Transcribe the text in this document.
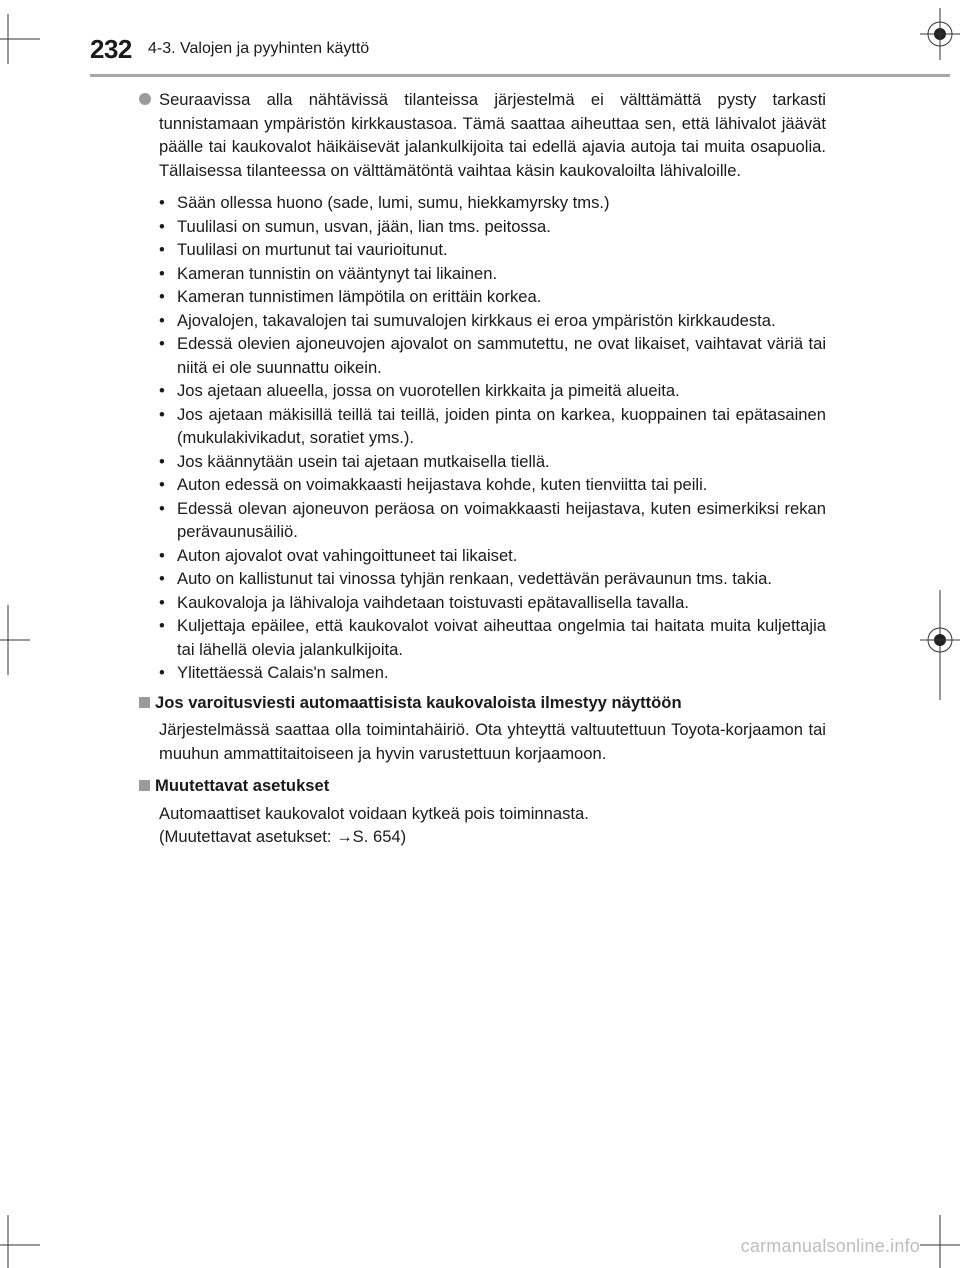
232 4-3. Valojen ja pyyhinten käyttö

Seuraavissa alla nähtävissä tilanteissa järjestelmä ei välttämättä pysty tarkasti tunnistamaan ympäristön kirkkaustasoa. Tämä saattaa aiheuttaa sen, että lähivalot jäävät päälle tai kaukovalot häikäisevät jalankulkijoita tai edellä ajavia autoja tai muita osapuolia. Tällaisessa tilanteessa on välttämätöntä vaihtaa käsin kaukovaloilta lähivaloille.

• Sään ollessa huono (sade, lumi, sumu, hiekkamyrsky tms.)
• Tuulilasi on sumun, usvan, jään, lian tms. peitossa.
• Tuulilasi on murtunut tai vaurioitunut.
• Kameran tunnistin on vääntynyt tai likainen.
• Kameran tunnistimen lämpötila on erittäin korkea.
• Ajovalojen, takavalojen tai sumuvalojen kirkkaus ei eroa ympäristön kirkkaudesta.
• Edessä olevien ajoneuvojen ajovalot on sammutettu, ne ovat likaiset, vaihtavat väriä tai niitä ei ole suunnattu oikein.
• Jos ajetaan alueella, jossa on vuorotellen kirkkaita ja pimeitä alueita.
• Jos ajetaan mäkisillä teillä tai teillä, joiden pinta on karkea, kuoppainen tai epätasainen (mukulakivikadut, soratiet yms.).
• Jos käännytään usein tai ajetaan mutkaisella tiellä.
• Auton edessä on voimakkaasti heijastava kohde, kuten tienviitta tai peili.
• Edessä olevan ajoneuvon peräosa on voimakkaasti heijastava, kuten esimerkiksi rekan perävaunusäiliö.
• Auton ajovalot ovat vahingoittuneet tai likaiset.
• Auto on kallistunut tai vinossa tyhjän renkaan, vedettävän perävaunun tms. takia.
• Kaukovaloja ja lähivaloja vaihdetaan toistuvasti epätavallisella tavalla.
• Kuljettaja epäilee, että kaukovalot voivat aiheuttaa ongelmia tai haitata muita kuljettajia tai lähellä olevia jalankulkijoita.
• Ylitettäessä Calais'n salmen.
Jos varoitusviesti automaattisista kaukovaloista ilmestyy näyttöön
Järjestelmässä saattaa olla toimintahäiriö. Ota yhteyttä valtuutettuun Toyota-korjaamon tai muuhun ammattitaitoiseen ja hyvin varustettuun korjaamoon.
Muutettavat asetukset
Automaattiset kaukovalot voidaan kytkeä pois toiminnasta.
(Muutettavat asetukset: →S. 654)
carmanualsonline.info
